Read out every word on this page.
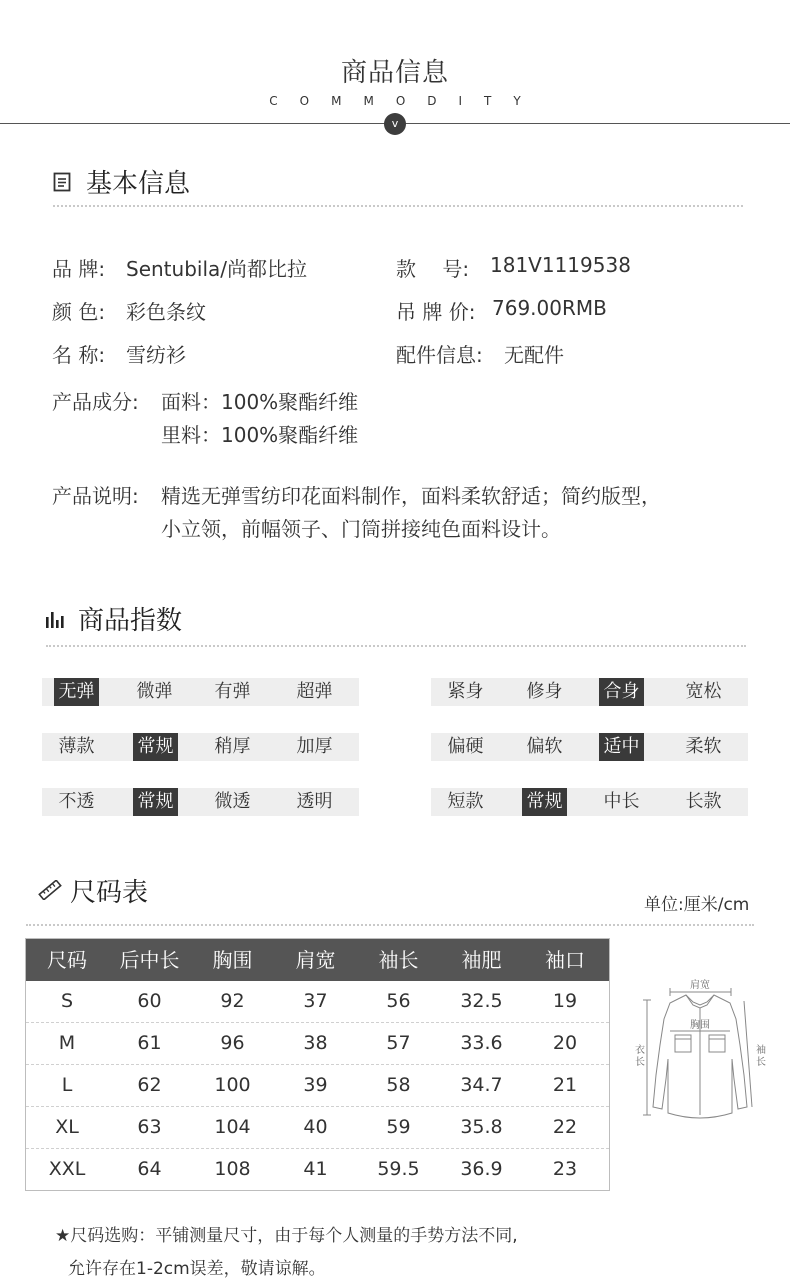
商品信息
COMMODITY
v
基本信息
品 牌: Sentubila/尚都比拉	款　 号: 181V1119538
颜 色: 彩色条纹	吊 牌 价: 769.00RMB
名 称: 雪纺衫	配件信息: 无配件
产品成分: 面料：100%聚酯纤维
里料：100%聚酯纤维
产品说明: 精选无弹雪纺印花面料制作，面料柔软舒适；简约版型，
小立领，前幅领子、门筒拼接纯色面料设计。
商品指数
无弹 微弹 有弹	超弹
薄款 常规 稍厚	加厚
不透 常规 微透	透明
紧身 修身 合身	宽松
偏硬 偏软 适中	柔软
短款 常规 中长	长款
尺码表	单位:厘米/cm
尺码	后中长	胸围	肩宽	袖长	袖肥	袖口
S	60	92	37	56	32.5	19
M	61	96	38	57	33.6	20
L	62	100	39	58	34.7	21
XL	63	104	40	59	35.8	22
XXL	64	108	41	59.5	36.9	23
肩宽
胸围
衣长
袖长
★尺码选购：平铺测量尺寸，由于每个人测量的手势方法不同,
允许存在1-2cm误差，敬请谅解。
